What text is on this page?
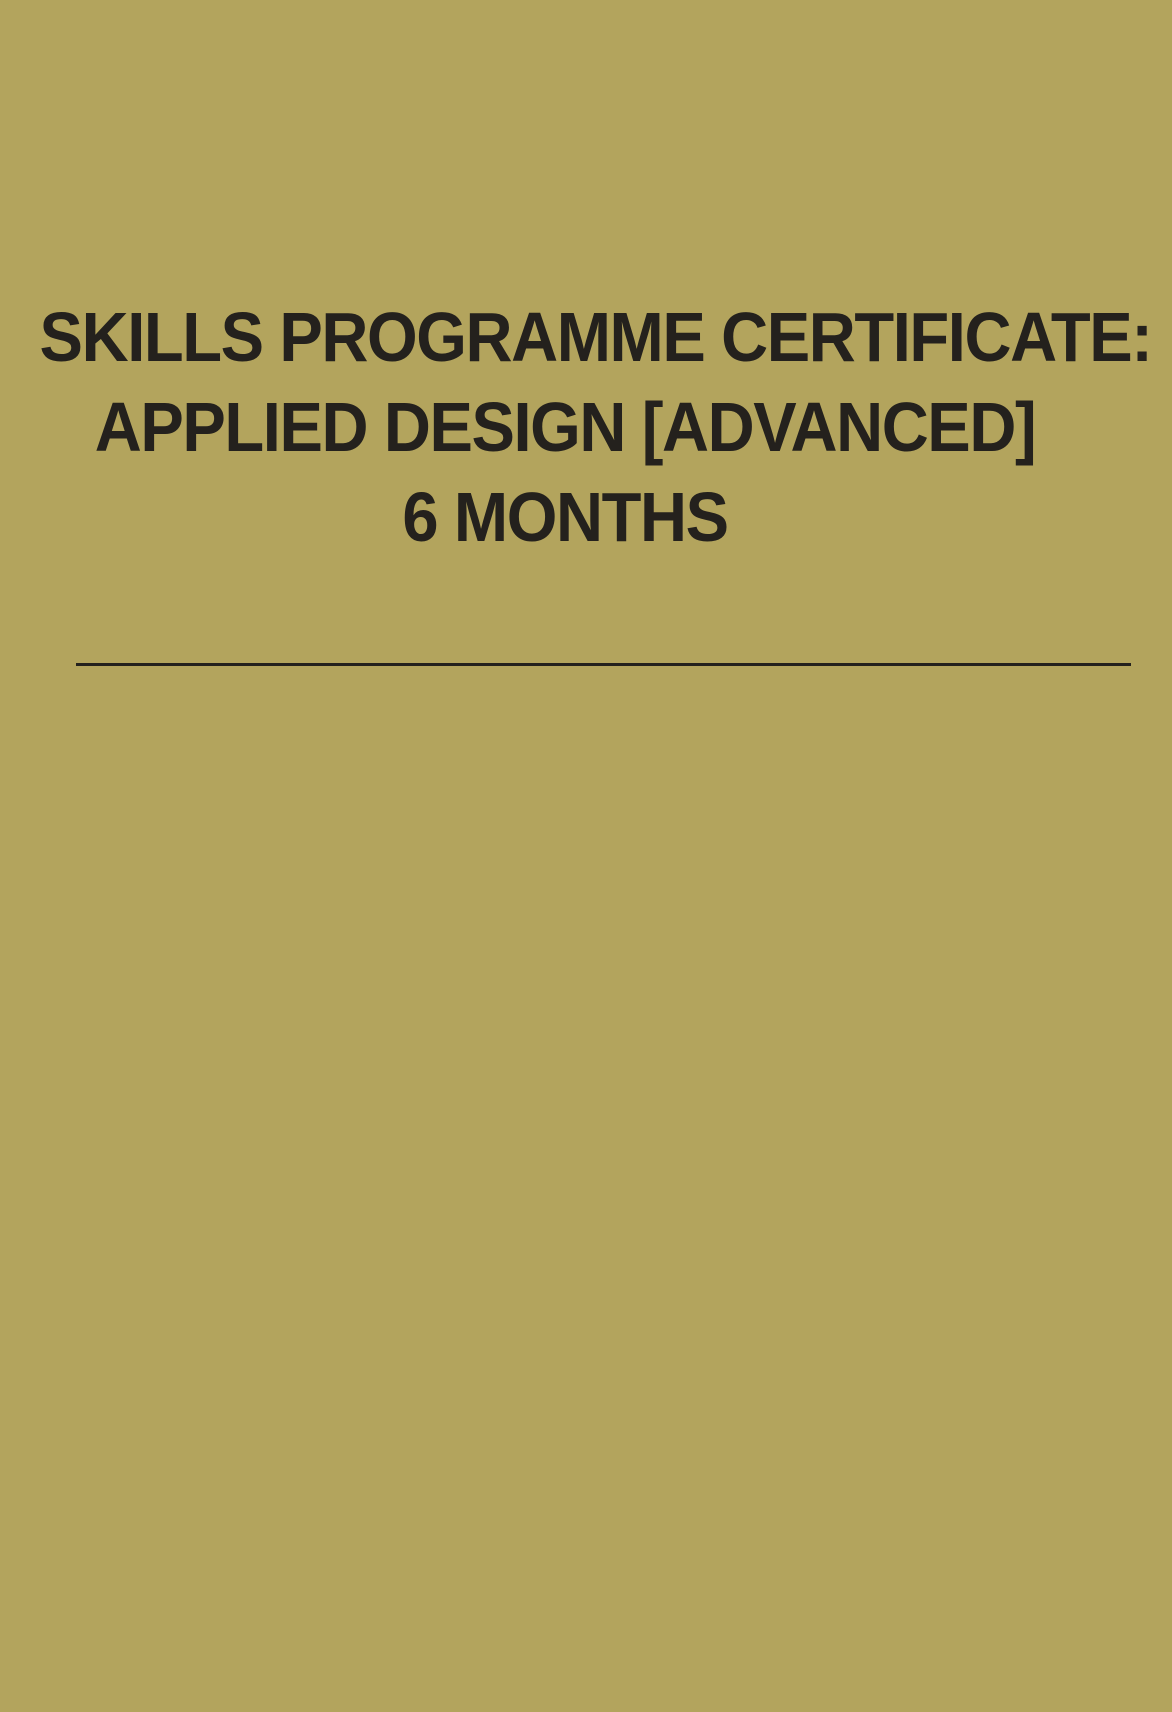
SKILLS PROGRAMME CERTIFICATE:
APPLIED DESIGN [ADVANCED]
6 MONTHS
